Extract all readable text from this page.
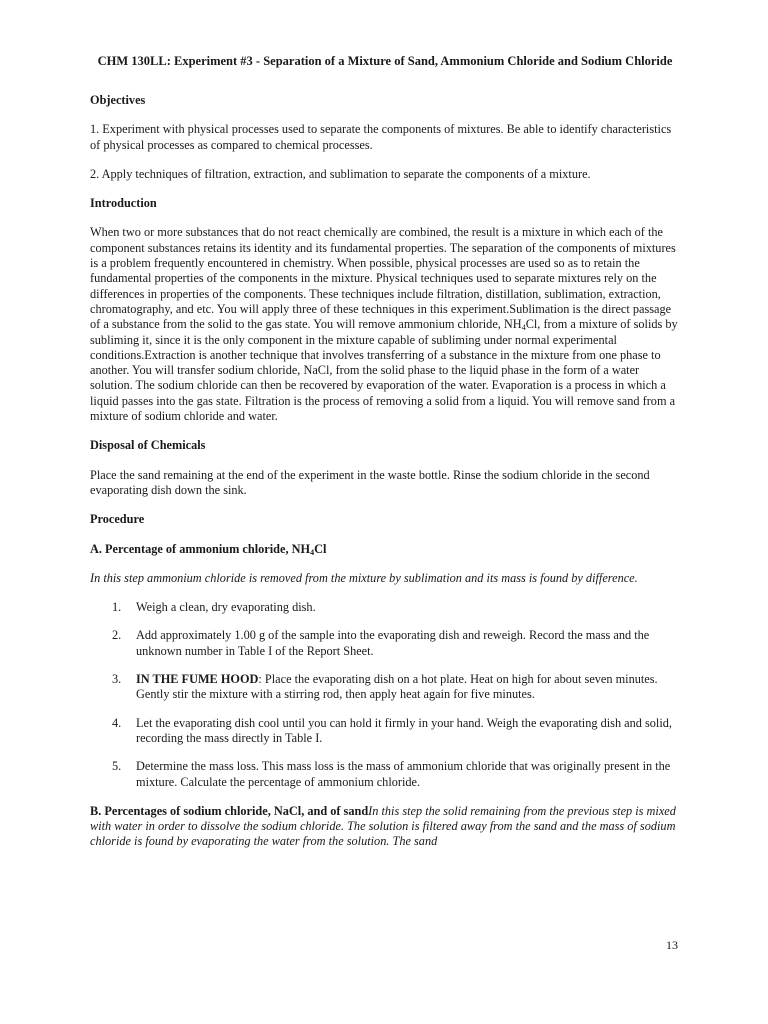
CHM 130LL: Experiment #3 - Separation of a Mixture of Sand, Ammonium Chloride and Sodium Chloride
Objectives

1. Experiment with physical processes used to separate the components of mixtures. Be able to identify characteristics of physical processes as compared to chemical processes.

2. Apply techniques of filtration, extraction, and sublimation to separate the components of a mixture.

Introduction

When two or more substances that do not react chemically are combined, the result is a mixture in which each of the component substances retains its identity and its fundamental properties. The separation of the components of mixtures is a problem frequently encountered in chemistry. When possible, physical processes are used so as to retain the fundamental properties of the components in the mixture. Physical techniques used to separate mixtures rely on the differences in properties of the components. These techniques include filtration, distillation, sublimation, extraction, chromatography, and etc. You will apply three of these techniques in this experiment.Sublimation is the direct passage of a substance from the solid to the gas state. You will remove ammonium chloride, $NH_4Cl$, from a mixture of solids by subliming it, since it is the only component in the mixture capable of subliming under normal experimental conditions.Extraction is another technique that involves transferring of a substance in the mixture from one phase to another. You will transfer sodium chloride, NaCl, from the solid phase to the liquid phase in the form of a water solution. The sodium chloride can then be recovered by evaporation of the water. Evaporation is a process in which a liquid passes into the gas state. Filtration is the process of removing a solid from a liquid. You will remove sand from a mixture of sodium chloride and water.

Disposal of Chemicals

Place the sand remaining at the end of the experiment in the waste bottle. Rinse the sodium chloride in the second evaporating dish down the sink.

Procedure
A. Percentage of ammonium chloride, $NH_4Cl$
In this step ammonium chloride is removed from the mixture by sublimation and its mass is found by difference.
1. Weigh a clean, dry evaporating dish.
2. Add approximately 1.00 g of the sample into the evaporating dish and reweigh. Record the mass and the unknown number in Table I of the Report Sheet.
3. IN THE FUME HOOD: Place the evaporating dish on a hot plate. Heat on high for about seven minutes. Gently stir the mixture with a stirring rod, then apply heat again for five minutes.
4. Let the evaporating dish cool until you can hold it firmly in your hand. Weigh the evaporating dish and solid, recording the mass directly in Table I.
5. Determine the mass loss. This mass loss is the mass of ammonium chloride that was originally present in the mixture. Calculate the percentage of ammonium chloride.
B. Percentages of sodium chloride, NaCl, and of sandIn this step the solid remaining from the previous step is mixed with water in order to dissolve the sodium chloride. The solution is filtered away from the sand and the mass of sodium chloride is found by evaporating the water from the solution. The sand
13
